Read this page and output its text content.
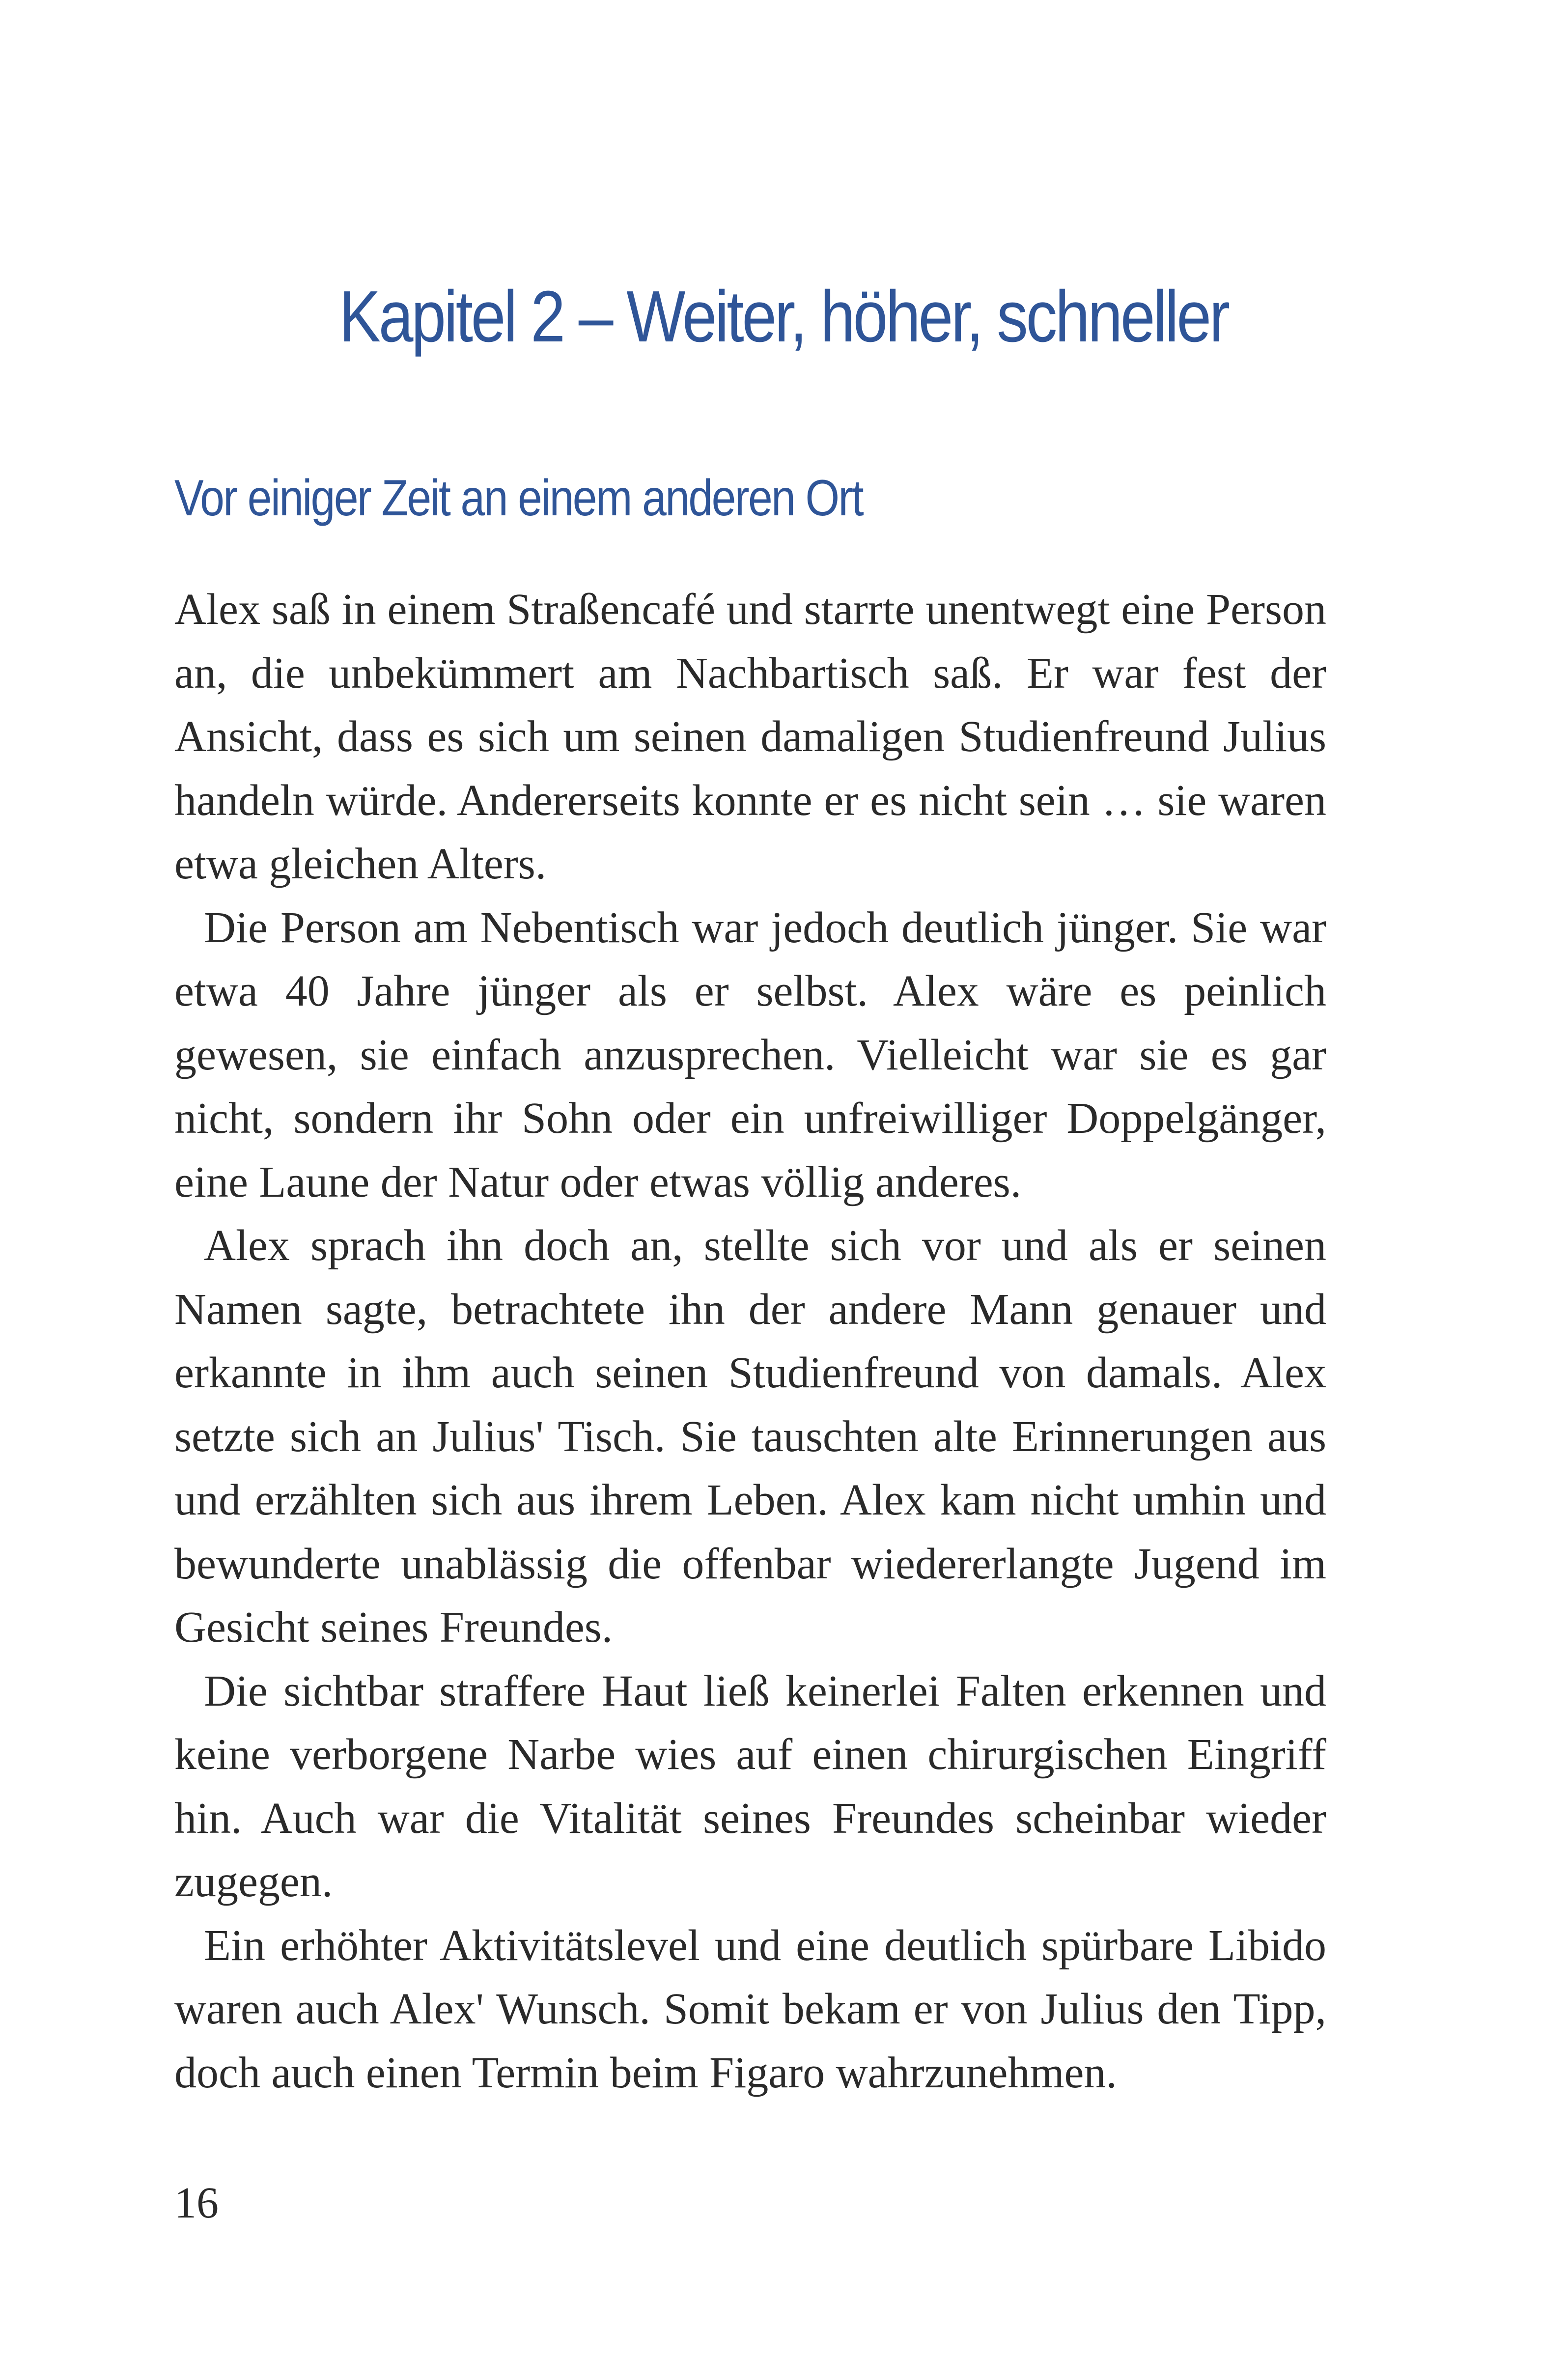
Kapitel 2 – Weiter, höher, schneller
Vor einiger Zeit an einem anderen Ort

Alex saß in einem Straßencafé und starrte unentwegt eine Person an, die unbekümmert am Nachbartisch saß. Er war fest der Ansicht, dass es sich um seinen damaligen Studienfreund Julius handeln würde. Andererseits konnte er es nicht sein … sie waren etwa gleichen Alters.

Die Person am Nebentisch war jedoch deutlich jünger. Sie war etwa 40 Jahre jünger als er selbst. Alex wäre es peinlich gewesen, sie einfach anzusprechen. Vielleicht war sie es gar nicht, sondern ihr Sohn oder ein unfreiwilliger Doppelgänger, eine Laune der Natur oder etwas völlig anderes.

Alex sprach ihn doch an, stellte sich vor und als er seinen Namen sagte, betrachtete ihn der andere Mann genauer und erkannte in ihm auch seinen Studienfreund von damals. Alex setzte sich an Julius' Tisch. Sie tauschten alte Erinnerungen aus und erzählten sich aus ihrem Leben. Alex kam nicht umhin und bewunderte unablässig die offenbar wiedererlangte Jugend im Gesicht seines Freundes.

Die sichtbar straffere Haut ließ keinerlei Falten erkennen und keine verborgene Narbe wies auf einen chirurgischen Eingriff hin. Auch war die Vitalität seines Freundes scheinbar wieder zugegen.

Ein erhöhter Aktivitätslevel und eine deutlich spürbare Libido waren auch Alex' Wunsch. Somit bekam er von Julius den Tipp, doch auch einen Termin beim Figaro wahrzunehmen.

16
